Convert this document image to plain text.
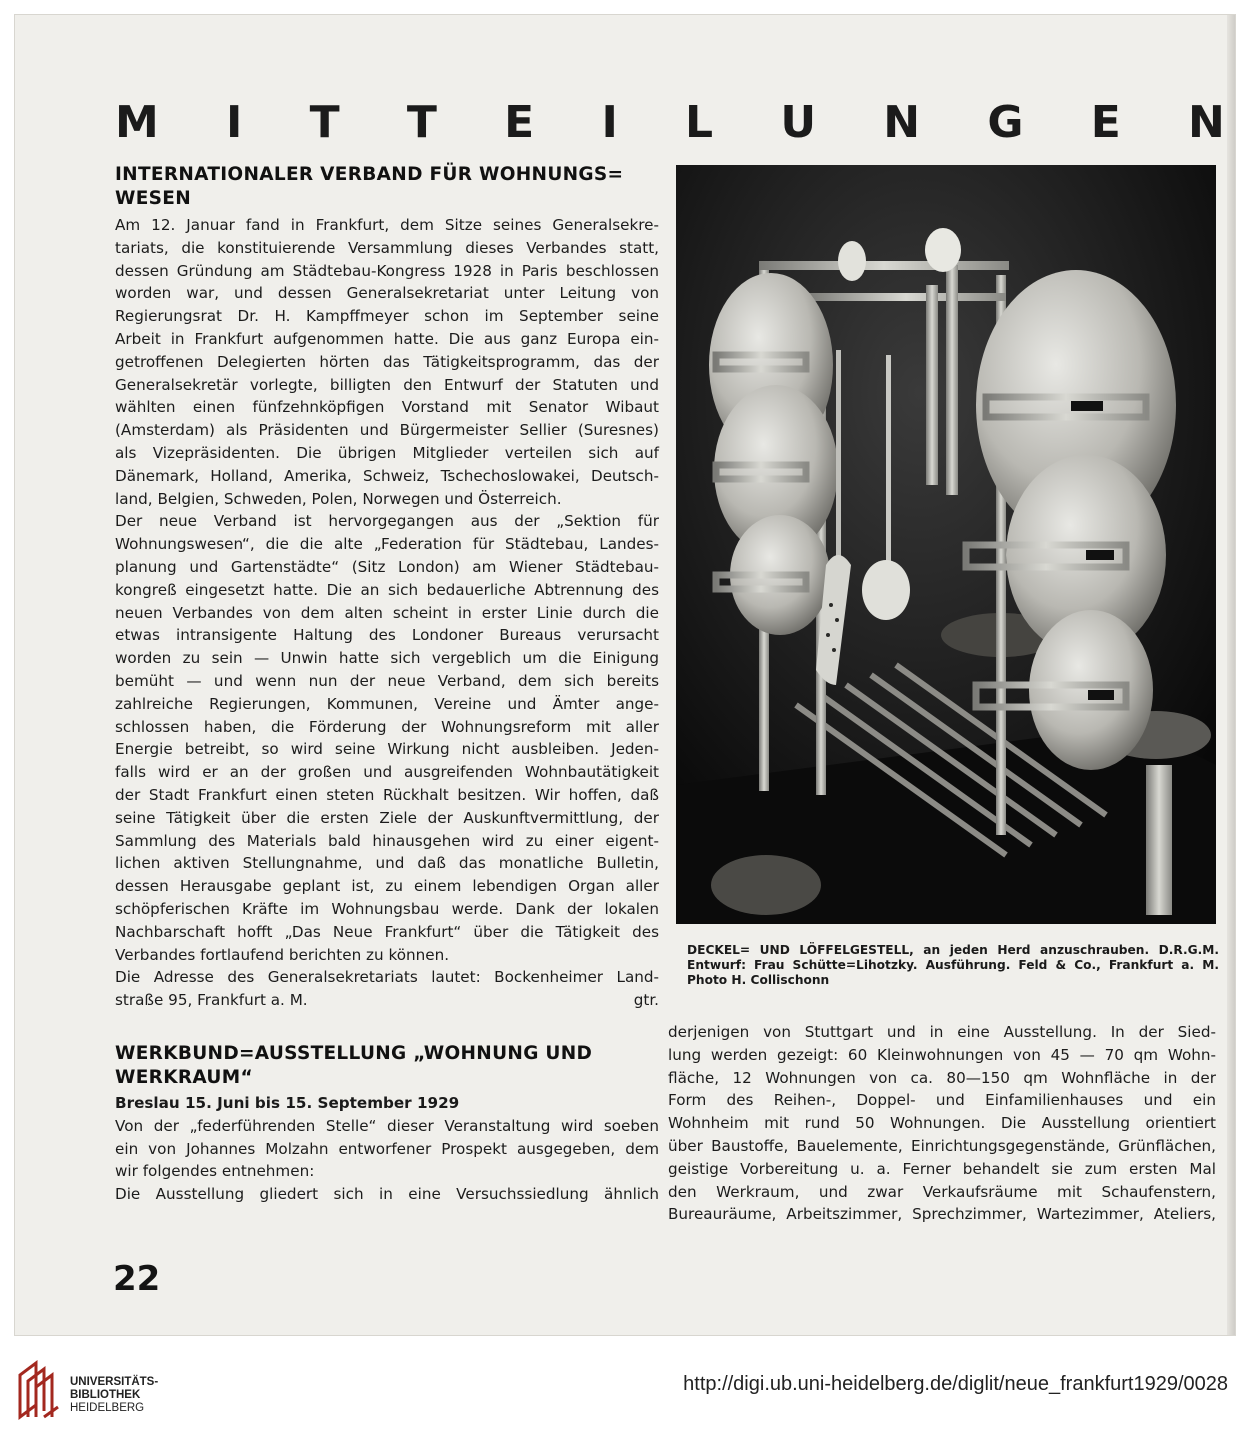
M I T T E I L U N G E N
INTERNATIONALER VERBAND FÜR WOHNUNGS=
WESEN
Am 12. Januar fand in Frankfurt, dem Sitze seines Generalsekre-
tariats, die konstituierende Versammlung dieses Verbandes statt,
dessen Gründung am Städtebau-Kongress 1928 in Paris beschlossen
worden war, und dessen Generalsekretariat unter Leitung von
Regierungsrat Dr. H. Kampffmeyer schon im September seine
Arbeit in Frankfurt aufgenommen hatte. Die aus ganz Europa ein-
getroffenen Delegierten hörten das Tätigkeitsprogramm, das der
Generalsekretär vorlegte, billigten den Entwurf der Statuten und
wählten einen fünfzehnköpfigen Vorstand mit Senator Wibaut
(Amsterdam) als Präsidenten und Bürgermeister Sellier (Suresnes)
als Vizepräsidenten. Die übrigen Mitglieder verteilen sich auf
Dänemark, Holland, Amerika, Schweiz, Tschechoslowakei, Deutsch-
land, Belgien, Schweden, Polen, Norwegen und Österreich.
Der neue Verband ist hervorgegangen aus der „Sektion für
Wohnungswesen“, die die alte „Federation für Städtebau, Landes-
planung und Gartenstädte“ (Sitz London) am Wiener Städtebau-
kongreß eingesetzt hatte. Die an sich bedauerliche Abtrennung des
neuen Verbandes von dem alten scheint in erster Linie durch die
etwas intransigente Haltung des Londoner Bureaus verursacht
worden zu sein — Unwin hatte sich vergeblich um die Einigung
bemüht — und wenn nun der neue Verband, dem sich bereits
zahlreiche Regierungen, Kommunen, Vereine und Ämter ange-
schlossen haben, die Förderung der Wohnungsreform mit aller
Energie betreibt, so wird seine Wirkung nicht ausbleiben. Jeden-
falls wird er an der großen und ausgreifenden Wohnbautätigkeit
der Stadt Frankfurt einen steten Rückhalt besitzen. Wir hoffen, daß
seine Tätigkeit über die ersten Ziele der Auskunftvermittlung, der
Sammlung des Materials bald hinausgehen wird zu einer eigent-
lichen aktiven Stellungnahme, und daß das monatliche Bulletin,
dessen Herausgabe geplant ist, zu einem lebendigen Organ aller
schöpferischen Kräfte im Wohnungsbau werde. Dank der lokalen
Nachbarschaft hofft „Das Neue Frankfurt“ über die Tätigkeit des
Verbandes fortlaufend berichten zu können.
Die Adresse des Generalsekretariats lautet: Bockenheimer Land-
straße 95, Frankfurt a. M.	gtr.
WERKBUND=AUSSTELLUNG „WOHNUNG UND
WERKRAUM“
Breslau 15. Juni bis 15. September 1929
Von der „federführenden Stelle“ dieser Veranstaltung wird soeben
ein von Johannes Molzahn entworfener Prospekt ausgegeben, dem
wir folgendes entnehmen:
Die Ausstellung gliedert sich in eine Versuchssiedlung ähnlich
DECKEL= UND LÖFFELGESTELL, an jeden Herd anzuschrauben. D.R.G.M.
Entwurf: Frau Schütte=Lihotzky. Ausführung. Feld & Co., Frankfurt a. M.
Photo H. Collischonn
derjenigen von Stuttgart und in eine Ausstellung. In der Sied-
lung werden gezeigt: 60 Kleinwohnungen von 45 — 70 qm Wohn-
fläche, 12 Wohnungen von ca. 80—150 qm Wohnfläche in der
Form des Reihen-, Doppel- und Einfamilienhauses und ein
Wohnheim mit rund 50 Wohnungen. Die Ausstellung orientiert
über Baustoffe, Bauelemente, Einrichtungsgegenstände, Grünflächen,
geistige Vorbereitung u. a. Ferner behandelt sie zum ersten Mal
den Werkraum, und zwar Verkaufsräume mit Schaufenstern,
Bureauräume, Arbeitszimmer, Sprechzimmer, Wartezimmer, Ateliers,
22
UNIVERSITÄTS-
BIBLIOTHEK
HEIDELBERG
http://digi.ub.uni-heidelberg.de/diglit/neue_frankfurt1929/0028
